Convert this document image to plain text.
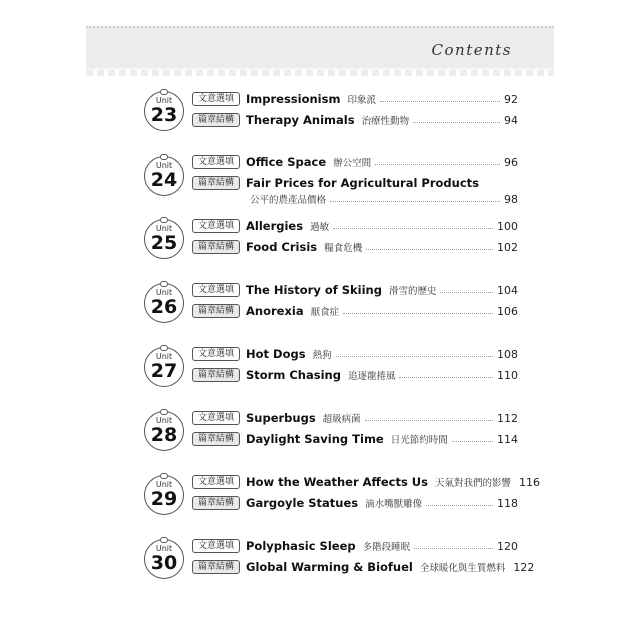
Contents
Unit
23
文意選填	Impressionism 印象派	92
篇章結構	Therapy Animals 治療性動物	94
Unit
24
文意選填	Office Space 辦公空間	96
篇章結構	Fair Prices for Agricultural Products
公平的農產品價格	98
Unit
25
文意選填	Allergies 過敏	100
篇章結構	Food Crisis 糧食危機	102
Unit
26
文意選填	The History of Skiing 滑雪的歷史	104
篇章結構	Anorexia 厭食症	106
Unit
27
文意選填	Hot Dogs 熱狗	108
篇章結構	Storm Chasing 追逐龍捲風	110
Unit
28
文意選填	Superbugs 超級病菌	112
篇章結構	Daylight Saving Time 日光節約時間	114
Unit
29
文意選填	How the Weather Affects Us 天氣對我們的影響 116
篇章結構	Gargoyle Statues 滴水嘴獸雕像	118
Unit
30
文意選填	Polyphasic Sleep 多階段睡眠	120
篇章結構	Global Warming & Biofuel 全球暖化與生質燃料 122
